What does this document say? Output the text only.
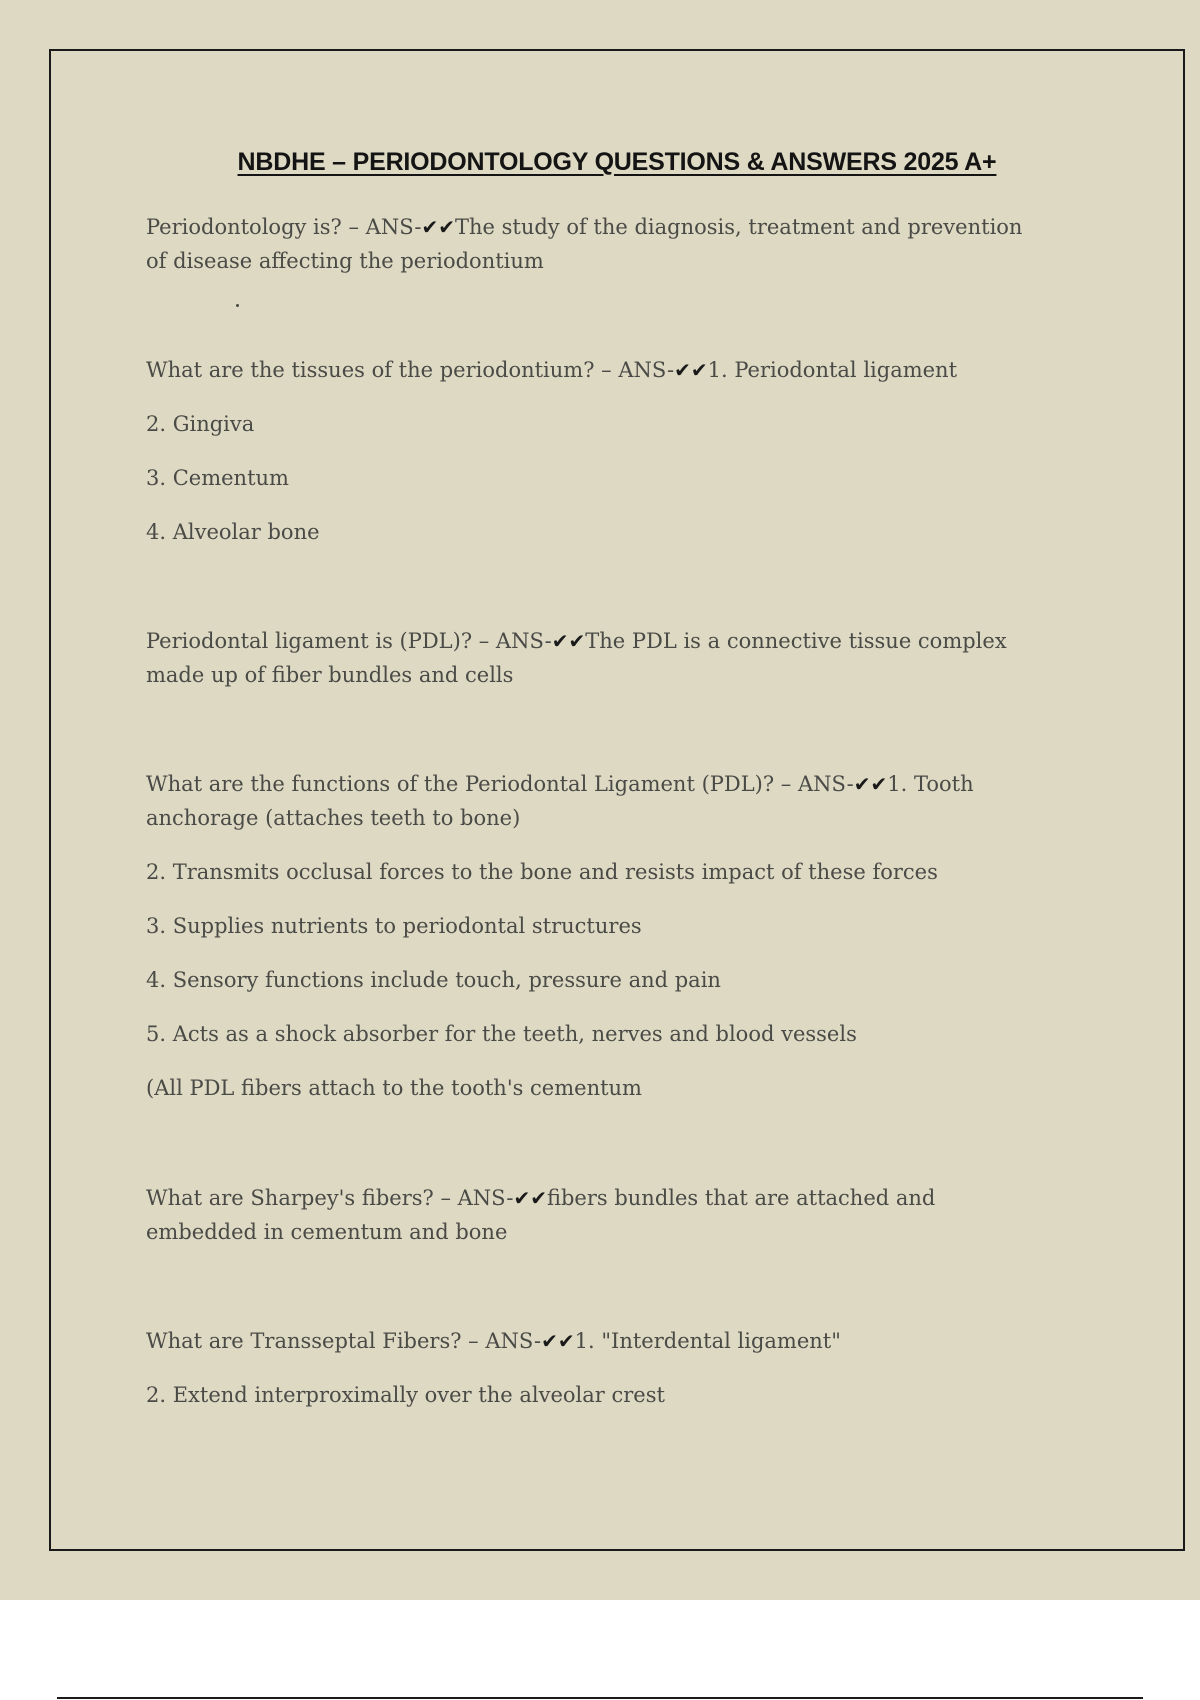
NBDHE – PERIODONTOLOGY QUESTIONS & ANSWERS 2025 A+
Periodontology is? – ANS-✔✔The study of the diagnosis, treatment and prevention
of disease affecting the periodontium
What are the tissues of the periodontium? – ANS-✔✔1. Periodontal ligament
2. Gingiva
3. Cementum
4. Alveolar bone
Periodontal ligament is (PDL)? – ANS-✔✔The PDL is a connective tissue complex
made up of fiber bundles and cells
What are the functions of the Periodontal Ligament (PDL)? – ANS-✔✔1. Tooth
anchorage (attaches teeth to bone)
2. Transmits occlusal forces to the bone and resists impact of these forces
3. Supplies nutrients to periodontal structures
4. Sensory functions include touch, pressure and pain
5. Acts as a shock absorber for the teeth, nerves and blood vessels
(All PDL fibers attach to the tooth's cementum
What are Sharpey's fibers? – ANS-✔✔fibers bundles that are attached and
embedded in cementum and bone
What are Transseptal Fibers? – ANS-✔✔1. "Interdental ligament"
2. Extend interproximally over the alveolar crest
